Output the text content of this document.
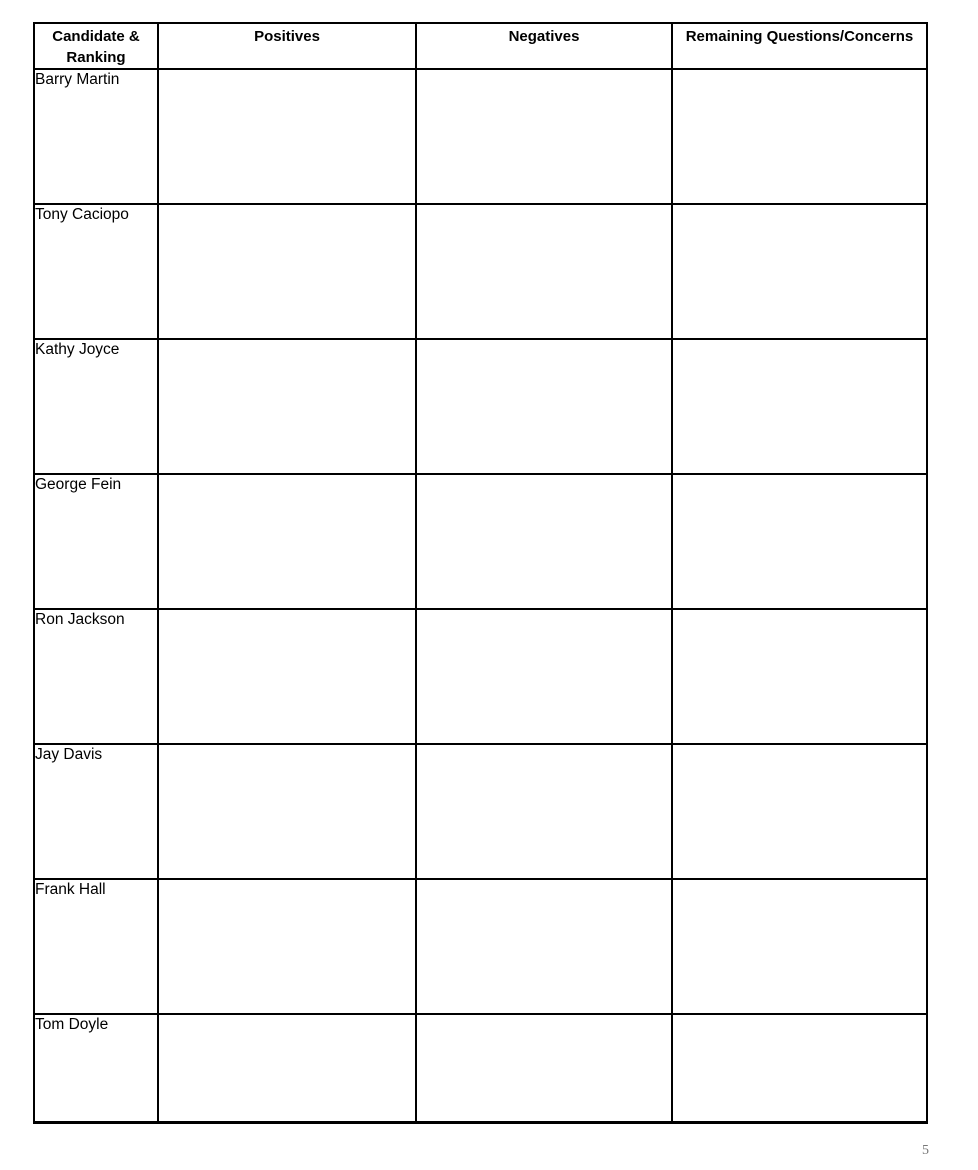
Candidate & Ranking	Positives	Negatives	Remaining Questions/Concerns
Barry Martin			
Tony Caciopo			
Kathy Joyce			
George Fein			
Ron Jackson			
Jay Davis			
Frank Hall			
Tom Doyle			
5
